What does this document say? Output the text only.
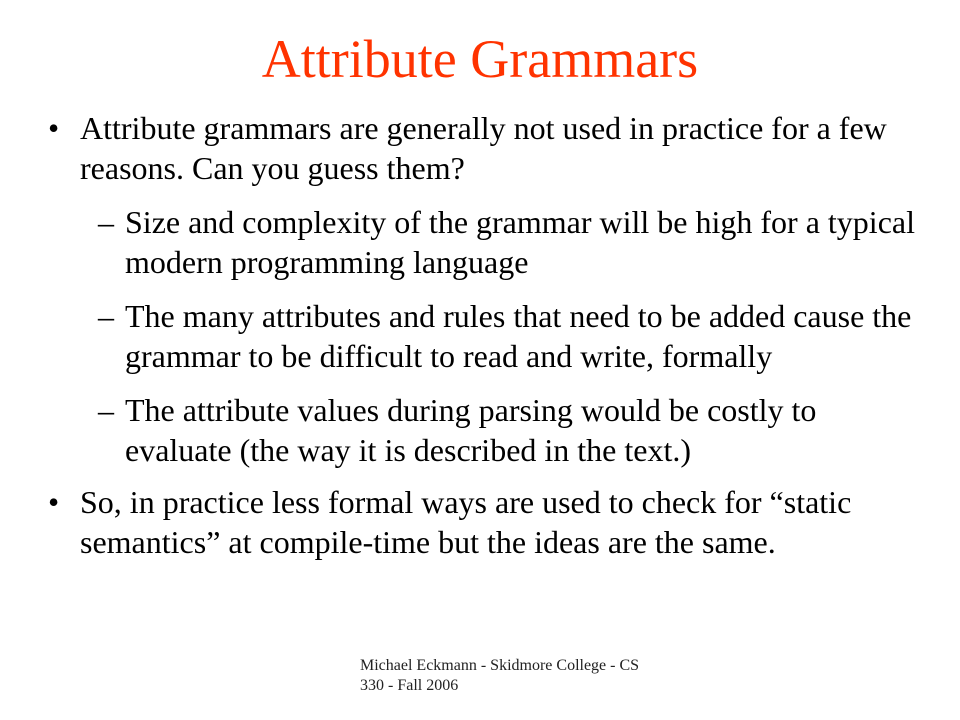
Attribute Grammars
• Attribute grammars are generally not used in practice for a few reasons. Can you guess them?
– Size and complexity of the grammar will be high for a typical modern programming language
– The many attributes and rules that need to be added cause the grammar to be difficult to read and write, formally
– The attribute values during parsing would be costly to evaluate (the way it is described in the text.)
• So, in practice less formal ways are used to check for “static semantics” at compile-time but the ideas are the same.
Michael Eckmann - Skidmore College - CS 330 - Fall 2006
